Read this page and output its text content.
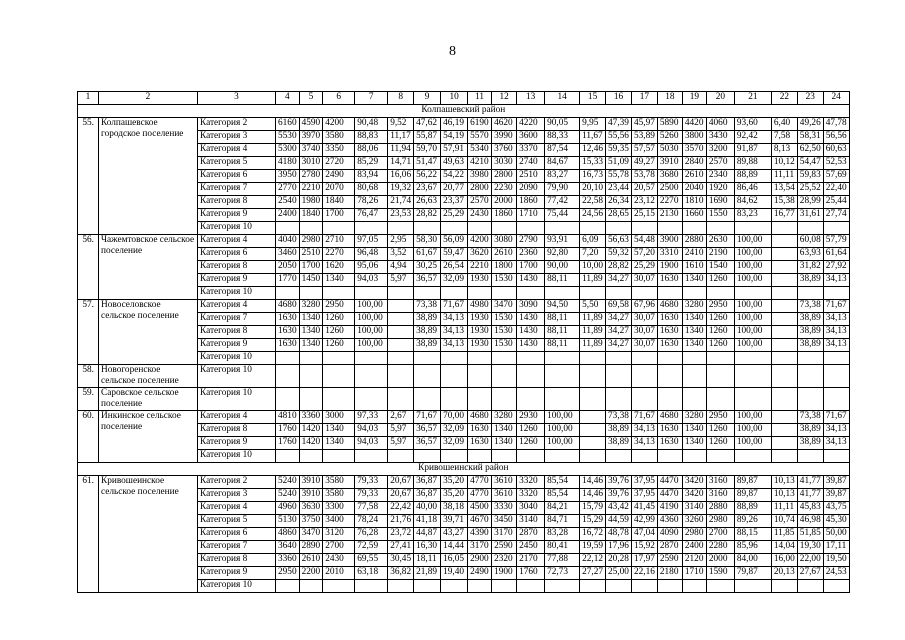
8
1	2	3	4	5	6	7	8	9	10	11	12	13	14	15	16	17	18	19	20	21	22	23	24
Колпашевский район																							
55.	Колпашевское городское поселение	Категория 2	6160	4590	4200	90,48	9,52	47,62	46,19	6190	4620	4220	90,05	9,95	47,39	45,97	5890	4420	4060	93,60	6,40	49,26	47,78
		Категория 3	5530	3970	3580	88,83	11,17	55,87	54,19	5570	3990	3600	88,33	11,67	55,56	53,89	5260	3800	3430	92,42	7,58	58,31	56,56
		Категория 4	5300	3740	3350	88,06	11,94	59,70	57,91	5340	3760	3370	87,54	12,46	59,35	57,57	5030	3570	3200	91,87	8,13	62,50	60,63
		Категория 5	4180	3010	2720	85,29	14,71	51,47	49,63	4210	3030	2740	84,67	15,33	51,09	49,27	3910	2840	2570	89,88	10,12	54,47	52,53
		Категория 6	3950	2780	2490	83,94	16,06	56,22	54,22	3980	2800	2510	83,27	16,73	55,78	53,78	3680	2610	2340	88,89	11,11	59,83	57,69
		Категория 7	2770	2210	2070	80,68	19,32	23,67	20,77	2800	2230	2090	79,90	20,10	23,44	20,57	2500	2040	1920	86,46	13,54	25,52	22,40
		Категория 8	2540	1980	1840	78,26	21,74	26,63	23,37	2570	2000	1860	77,42	22,58	26,34	23,12	2270	1810	1690	84,62	15,38	28,99	25,44
		Категория 9	2400	1840	1700	76,47	23,53	28,82	25,29	2430	1860	1710	75,44	24,56	28,65	25,15	2130	1660	1550	83,23	16,77	31,61	27,74
		Категория 10																					
56.	Чажемтовское сельское поселение	Категория 4	4040	2980	2710	97,05	2,95	58,30	56,09	4200	3080	2790	93,91	6,09	56,63	54,48	3900	2880	2630	100,00		60,08	57,79
		Категория 6	3460	2510	2270	96,48	3,52	61,67	59,47	3620	2610	2360	92,80	7,20	59,32	57,20	3310	2410	2190	100,00		63,93	61,64
		Категория 8	2050	1700	1620	95,06	4,94	30,25	26,54	2210	1800	1700	90,00	10,00	28,82	25,29	1900	1610	1540	100,00		31,82	27,92
		Категория 9	1770	1450	1340	94,03	5,97	36,57	32,09	1930	1530	1430	88,11	11,89	34,27	30,07	1630	1340	1260	100,00		38,89	34,13
		Категория 10																					
57.	Новоселовское сельское поселение	Категория 4	4680	3280	2950	100,00		73,38	71,67	4980	3470	3090	94,50	5,50	69,58	67,96	4680	3280	2950	100,00		73,38	71,67
		Категория 7	1630	1340	1260	100,00		38,89	34,13	1930	1530	1430	88,11	11,89	34,27	30,07	1630	1340	1260	100,00		38,89	34,13
		Категория 8	1630	1340	1260	100,00		38,89	34,13	1930	1530	1430	88,11	11,89	34,27	30,07	1630	1340	1260	100,00		38,89	34,13
		Категория 9	1630	1340	1260	100,00		38,89	34,13	1930	1530	1430	88,11	11,89	34,27	30,07	1630	1340	1260	100,00		38,89	34,13
		Категория 10																					
58.	Новогоренское сельское поселение	Категория 10																					
59.	Саровское сельское поселение	Категория 10																					
60.	Инкинское сельское поселение	Категория 4	4810	3360	3000	97,33	2,67	71,67	70,00	4680	3280	2930	100,00		73,38	71,67	4680	3280	2950	100,00		73,38	71,67
		Категория 8	1760	1420	1340	94,03	5,97	36,57	32,09	1630	1340	1260	100,00		38,89	34,13	1630	1340	1260	100,00		38,89	34,13
		Категория 9	1760	1420	1340	94,03	5,97	36,57	32,09	1630	1340	1260	100,00		38,89	34,13	1630	1340	1260	100,00		38,89	34,13
		Категория 10																					
Кривошеинский район																							
61.	Кривошеинское сельское поселение	Категория 2	5240	3910	3580	79,33	20,67	36,87	35,20	4770	3610	3320	85,54	14,46	39,76	37,95	4470	3420	3160	89,87	10,13	41,77	39,87
		Категория 3	5240	3910	3580	79,33	20,67	36,87	35,20	4770	3610	3320	85,54	14,46	39,76	37,95	4470	3420	3160	89,87	10,13	41,77	39,87
		Категория 4	4960	3630	3300	77,58	22,42	40,00	38,18	4500	3330	3040	84,21	15,79	43,42	41,45	4190	3140	2880	88,89	11,11	45,83	43,75
		Категория 5	5130	3750	3400	78,24	21,76	41,18	39,71	4670	3450	3140	84,71	15,29	44,59	42,99	4360	3260	2980	89,26	10,74	46,98	45,30
		Категория 6	4860	3470	3120	76,28	23,72	44,87	43,27	4390	3170	2870	83,28	16,72	48,78	47,04	4090	2980	2700	88,15	11,85	51,85	50,00
		Категория 7	3640	2890	2700	72,59	27,41	16,30	14,44	3170	2590	2450	80,41	19,59	17,96	15,92	2870	2400	2280	85,96	14,04	19,30	17,11
		Категория 8	3360	2610	2430	69,55	30,45	18,11	16,05	2900	2320	2170	77,88	22,12	20,28	17,97	2590	2120	2000	84,00	16,00	22,00	19,50
		Категория 9	2950	2200	2010	63,18	36,82	21,89	19,40	2490	1900	1760	72,73	27,27	25,00	22,16	2180	1710	1590	79,87	20,13	27,67	24,53
		Категория 10																					
